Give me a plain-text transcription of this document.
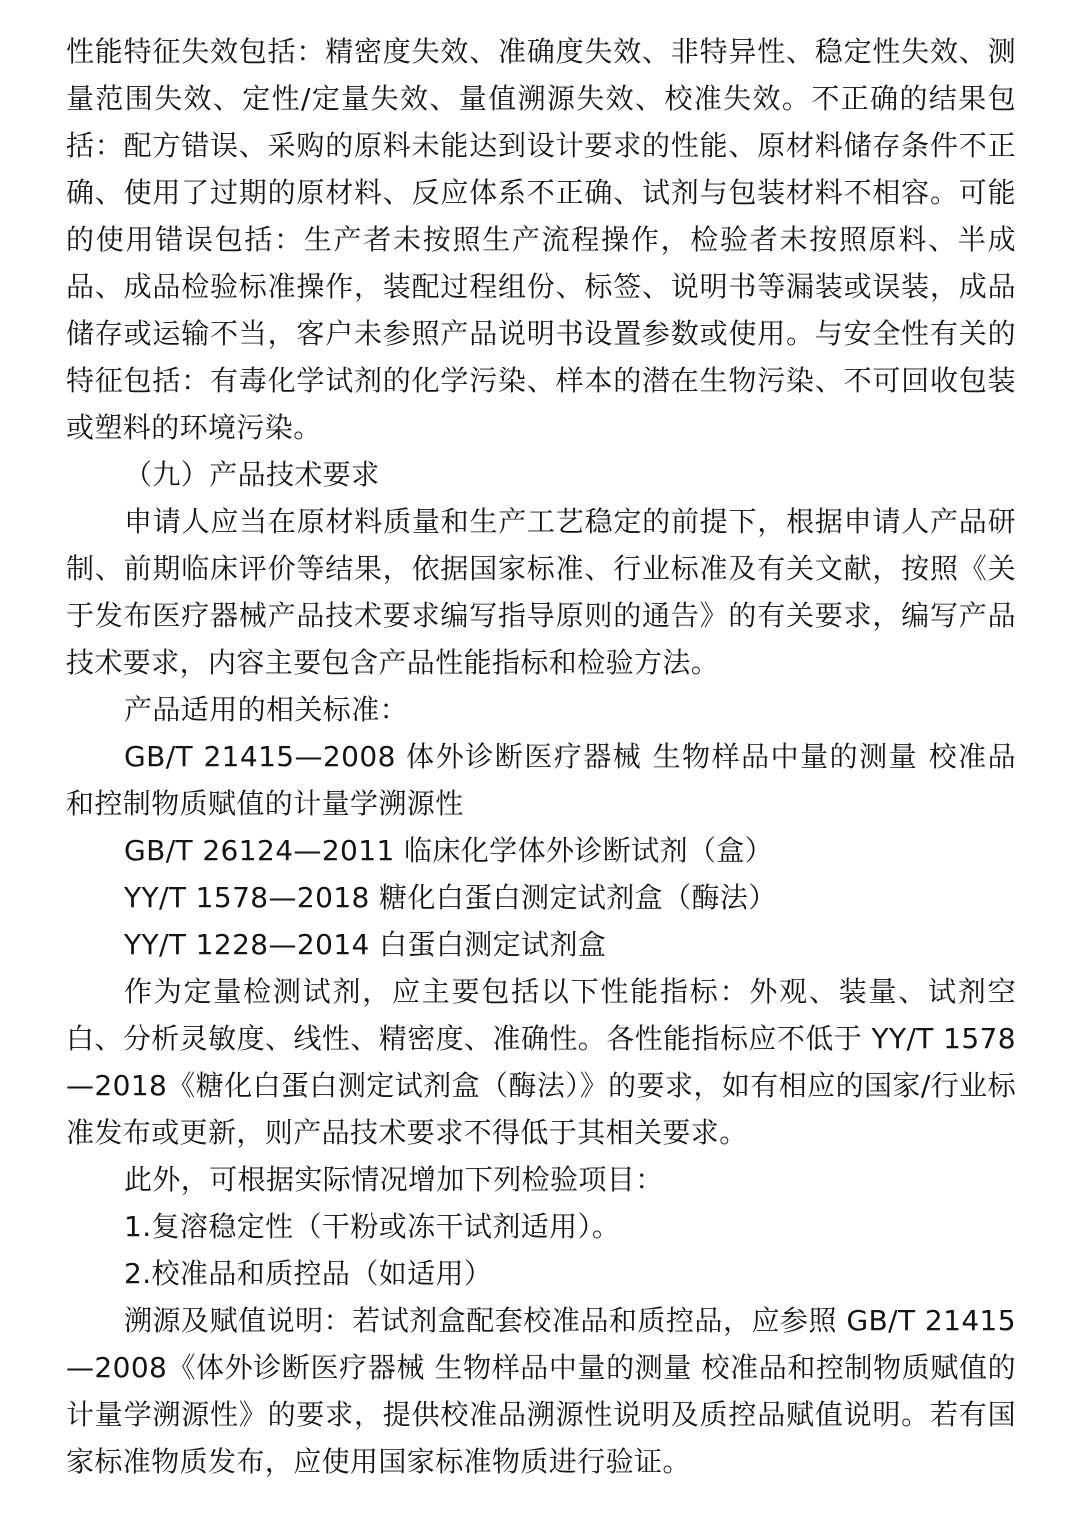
性能特征失效包括：精密度失效、准确度失效、非特异性、稳定性失效、测量范围失效、定性/定量失效、量值溯源失效、校准失效。不正确的结果包括：配方错误、采购的原料未能达到设计要求的性能、原材料储存条件不正确、使用了过期的原材料、反应体系不正确、试剂与包装材料不相容。可能的使用错误包括：生产者未按照生产流程操作，检验者未按照原料、半成品、成品检验标准操作，装配过程组份、标签、说明书等漏装或误装，成品储存或运输不当，客户未参照产品说明书设置参数或使用。与安全性有关的特征包括：有毒化学试剂的化学污染、样本的潜在生物污染、不可回收包装或塑料的环境污染。

（九）产品技术要求

申请人应当在原材料质量和生产工艺稳定的前提下，根据申请人产品研制、前期临床评价等结果，依据国家标准、行业标准及有关文献，按照《关于发布医疗器械产品技术要求编写指导原则的通告》的有关要求，编写产品技术要求，内容主要包含产品性能指标和检验方法。

产品适用的相关标准：

GB/T 21415—2008 体外诊断医疗器械 生物样品中量的测量 校准品和控制物质赋值的计量学溯源性

GB/T 26124—2011 临床化学体外诊断试剂（盒）

YY/T 1578—2018 糖化白蛋白测定试剂盒（酶法）

YY/T 1228—2014 白蛋白测定试剂盒

作为定量检测试剂，应主要包括以下性能指标：外观、装量、试剂空白、分析灵敏度、线性、精密度、准确性。各性能指标应不低于 YY/T 1578—2018《糖化白蛋白测定试剂盒（酶法）》的要求，如有相应的国家/行业标准发布或更新，则产品技术要求不得低于其相关要求。

此外，可根据实际情况增加下列检验项目：

1.复溶稳定性（干粉或冻干试剂适用）。

2.校准品和质控品（如适用）

溯源及赋值说明：若试剂盒配套校准品和质控品，应参照 GB/T 21415—2008《体外诊断医疗器械 生物样品中量的测量 校准品和控制物质赋值的计量学溯源性》的要求，提供校准品溯源性说明及质控品赋值说明。若有国家标准物质发布，应使用国家标准物质进行验证。
